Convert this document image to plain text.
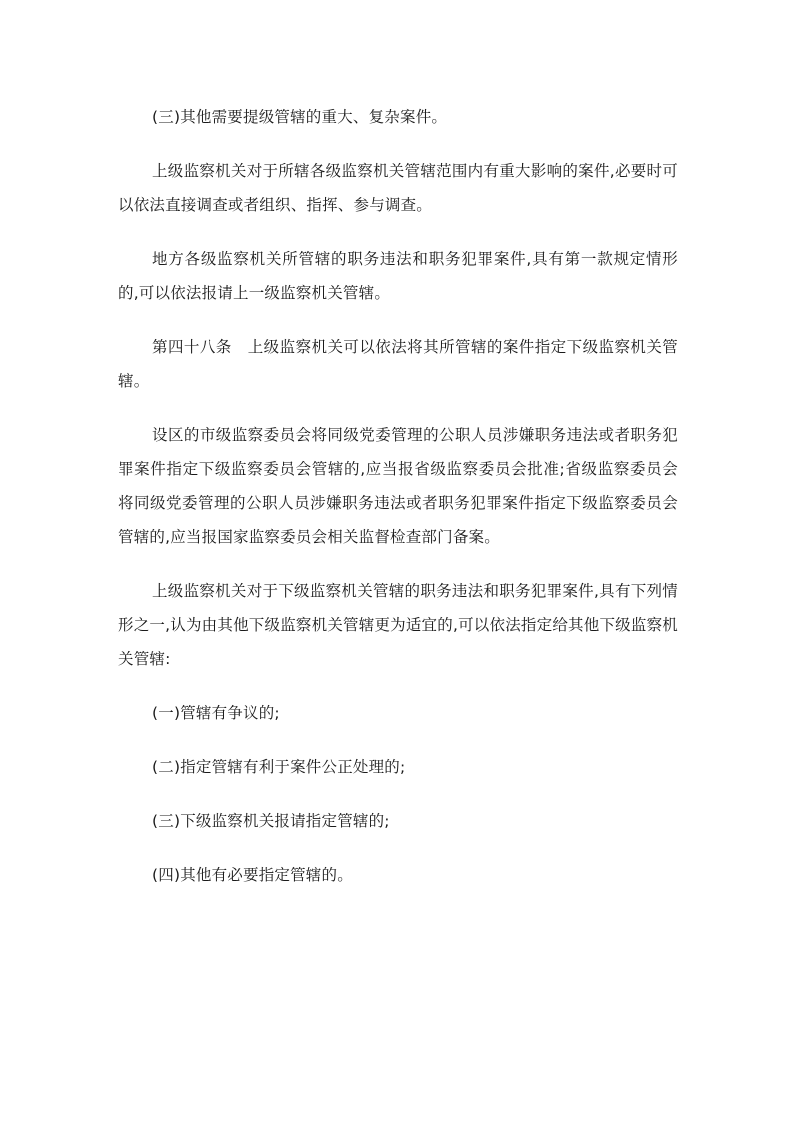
(三)其他需要提级管辖的重大、复杂案件。

上级监察机关对于所辖各级监察机关管辖范围内有重大影响的案件,必要时可以依法直接调查或者组织、指挥、参与调查。

地方各级监察机关所管辖的职务违法和职务犯罪案件,具有第一款规定情形的,可以依法报请上一级监察机关管辖。

第四十八条 上级监察机关可以依法将其所管辖的案件指定下级监察机关管辖。

设区的市级监察委员会将同级党委管理的公职人员涉嫌职务违法或者职务犯罪案件指定下级监察委员会管辖的,应当报省级监察委员会批准;省级监察委员会将同级党委管理的公职人员涉嫌职务违法或者职务犯罪案件指定下级监察委员会管辖的,应当报国家监察委员会相关监督检查部门备案。

上级监察机关对于下级监察机关管辖的职务违法和职务犯罪案件,具有下列情形之一,认为由其他下级监察机关管辖更为适宜的,可以依法指定给其他下级监察机关管辖:

(一)管辖有争议的;

(二)指定管辖有利于案件公正处理的;

(三)下级监察机关报请指定管辖的;

(四)其他有必要指定管辖的。
